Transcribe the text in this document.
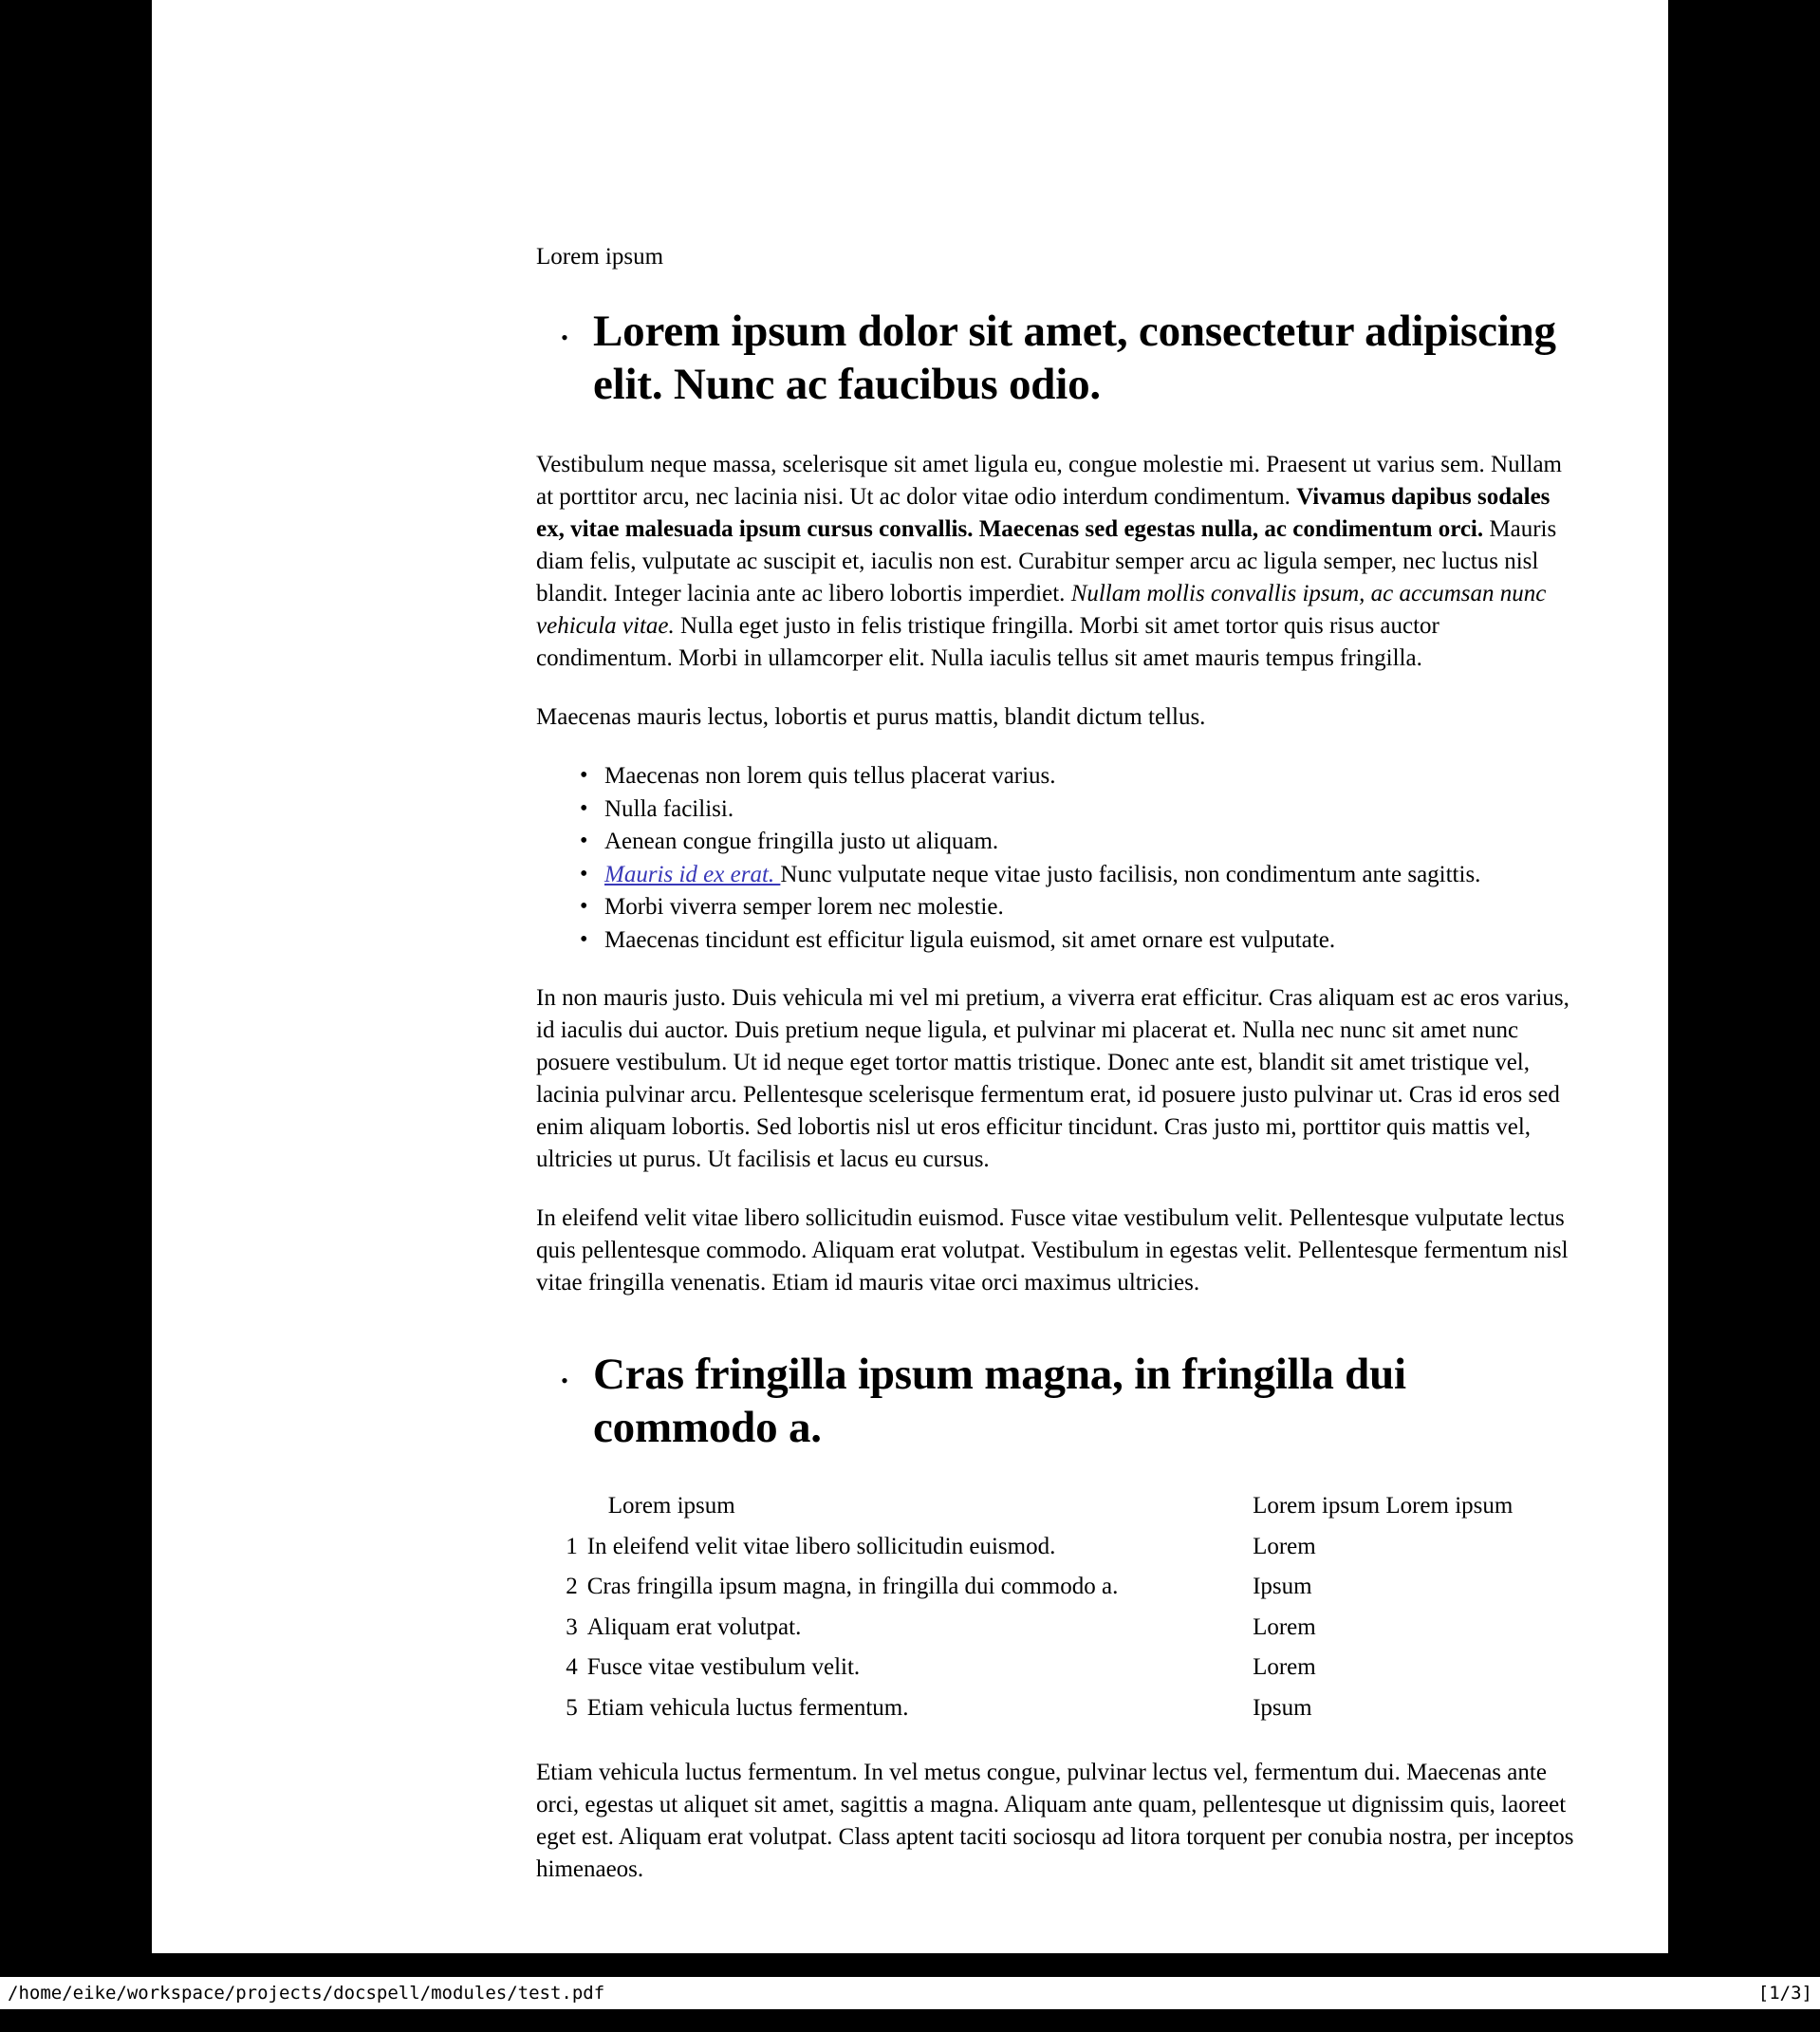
Lorem ipsum
•
Lorem ipsum dolor sit amet, consectetur adipiscing elit. Nunc ac faucibus odio.

Vestibulum neque massa, scelerisque sit amet ligula eu, congue molestie mi. Praesent ut varius sem. Nullam at porttitor arcu, nec lacinia nisi. Ut ac dolor vitae odio interdum condimentum. Vivamus dapibus sodales ex, vitae malesuada ipsum cursus convallis. Maecenas sed egestas nulla, ac condimentum orci. Mauris diam felis, vulputate ac suscipit et, iaculis non est. Curabitur semper arcu ac ligula semper, nec luctus nisl blandit. Integer lacinia ante ac libero lobortis imperdiet. Nullam mollis convallis ipsum, ac accumsan nunc vehicula vitae. Nulla eget justo in felis tristique fringilla. Morbi sit amet tortor quis risus auctor condimentum. Morbi in ullamcorper elit. Nulla iaculis tellus sit amet mauris tempus fringilla.

Maecenas mauris lectus, lobortis et purus mattis, blandit dictum tellus.

• Maecenas non lorem quis tellus placerat varius.
• Nulla facilisi.
• Aenean congue fringilla justo ut aliquam.
• Mauris id ex erat. Nunc vulputate neque vitae justo facilisis, non condimentum ante sagittis.
• Morbi viverra semper lorem nec molestie.
• Maecenas tincidunt est efficitur ligula euismod, sit amet ornare est vulputate.

In non mauris justo. Duis vehicula mi vel mi pretium, a viverra erat efficitur. Cras aliquam est ac eros varius, id iaculis dui auctor. Duis pretium neque ligula, et pulvinar mi placerat et. Nulla nec nunc sit amet nunc posuere vestibulum. Ut id neque eget tortor mattis tristique. Donec ante est, blandit sit amet tristique vel, lacinia pulvinar arcu. Pellentesque scelerisque fermentum erat, id posuere justo pulvinar ut. Cras id eros sed enim aliquam lobortis. Sed lobortis nisl ut eros efficitur tincidunt. Cras justo mi, porttitor quis mattis vel, ultricies ut purus. Ut facilisis et lacus eu cursus.

In eleifend velit vitae libero sollicitudin euismod. Fusce vitae vestibulum velit. Pellentesque vulputate lectus quis pellentesque commodo. Aliquam erat volutpat. Vestibulum in egestas velit. Pellentesque fermentum nisl vitae fringilla venenatis. Etiam id mauris vitae orci maximus ultricies.

•
Cras fringilla ipsum magna, in fringilla dui commodo a.
	Lorem ipsum	Lorem ipsum Lorem ipsum
1	In eleifend velit vitae libero sollicitudin euismod.	Lorem
2	Cras fringilla ipsum magna, in fringilla dui commodo a.	Ipsum
3	Aliquam erat volutpat.	Lorem
4	Fusce vitae vestibulum velit.	Lorem
5	Etiam vehicula luctus fermentum.	Ipsum

Etiam vehicula luctus fermentum. In vel metus congue, pulvinar lectus vel, fermentum dui. Maecenas ante orci, egestas ut aliquet sit amet, sagittis a magna. Aliquam ante quam, pellentesque ut dignissim quis, laoreet eget est. Aliquam erat volutpat. Class aptent taciti sociosqu ad litora torquent per conubia nostra, per inceptos himenaeos.

/home/eike/workspace/projects/docspell/modules/test.pdf	[1/3]
